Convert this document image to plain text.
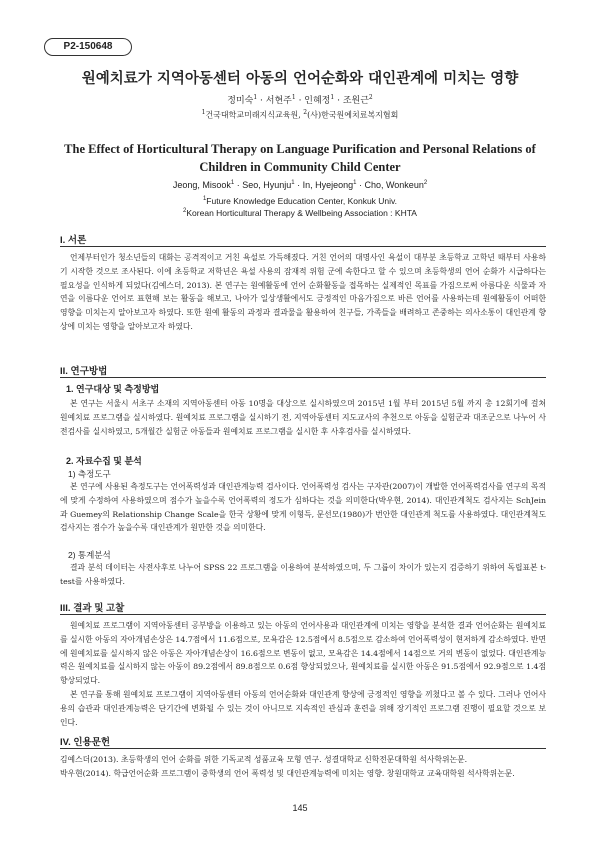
P2-150648
원예치료가 지역아동센터 아동의 언어순화와 대인관계에 미치는 영향
정미숙$^1$ · 서현주$^1$ · 인혜정$^1$ · 조원근$^2$
$^1$건국대학교미래지식교육원, $^2$(사)한국원예치료복지협회
The Effect of Horticultural Therapy on Language Purification and Personal Relations of Children in Community Child Center
Jeong, Misook$^1$ · Seo, Hyunju$^1$ · In, Hyejeong$^1$ · Cho, Wonkeun$^2$
$^1$Future Knowledge Education Center, Konkuk Univ.
$^2$Korean Horticultural Therapy & Wellbeing Association : KHTA
I. 서론
언제부터인가 청소년들의 대화는 공격적이고 거친 욕설로 가득해졌다. 거친 언어의 대명사인 욕설이 대부분 초등학교 고학년 때부터 사용하기 시작한 것으로 조사된다. 이에 초등학교 저학년은 욕설 사용의 잠재적 위험 군에 속한다고 할 수 있으며 초등학생의 언어 순화가 시급하다는 필요성을 인식하게 되었다(김예스더, 2013). 본 연구는 원예활동에 언어 순화활동을 접목하는 실제적인 목표를 가짐으로써 아름다운 식물과 자연을 이름다운 언어로 표현해 보는 활동을 해보고, 나아가 일상생활에서도 긍정적인 마음가짐으로 바른 언어를 사용하는데 원예활동이 어떠한 영향을 미치는지 알아보고자 하였다. 또한 원예 활동의 과정과 결과물을 활용하여 친구들, 가족들을 배려하고 존중하는 의사소통이 대인관계 향상에 미치는 영향을 알아보고자 하였다.
II. 연구방법
1. 연구대상 및 측정방법
본 연구는 서울시 서초구 소재의 지역아동센터 아동 10명을 대상으로 실시하였으며 2015년 1월 부터 2015년 5월 까지 총 12회기에 걸쳐 원예치료 프로그램을 실시하였다. 원예치료 프로그램을 실시하기 전, 지역아동센터 지도교사의 추천으로 아동을 실험군과 대조군으로 나누어 사전검사를 실시하였고, 5개월간 실험군 아동들과 원예치료 프로그램을 실시한 후 사후검사를 실시하였다.
2. 자료수집 및 분석
1) 측정도구
본 연구에 사용된 측정도구는 언어폭력성과 대인관계능력 검사이다. 언어폭력성 검사는 구자관(2007)이 개발한 언어폭력검사를 연구의 목적에 맞게 수정하여 사용하였으며 점수가 높을수록 언어폭력의 정도가 심하다는 것을 의미한다(박우현, 2014). 대인관계척도 검사지는 SchJein과 Guemey의 Relationship Change Scale을 한국 상황에 맞게 이형득, 문선모(1980)가 번안한 대인관계 척도를 사용하였다. 대인관계척도 검사지는 점수가 높을수록 대인관계가 원만한 것을 의미한다.
2) 통계분석
결과 분석 데이터는 사전사후로 나누어 SPSS 22 프로그램을 이용하여 분석하였으며, 두 그룹이 차이가 있는지 검증하기 위하여 독립표본 t-test를 사용하였다.
III. 결과 및 고찰
원예치료 프로그램이 지역아동센터 공부방을 이용하고 있는 아동의 언어사용과 대인관계에 미치는 영향을 분석한 결과 언어순화는 원예치료를 실시한 아동의 자아개념손상은 14.7점에서 11.6점으로, 모욕감은 12.5점에서 8.5점으로 감소하여 언어폭력성이 현저하게 감소하였다. 반면에 원예치료를 실시하지 않은 아동은 자아개념손상이 16.6점으로 변동이 없고, 모욕감은 14.4점에서 14점으로 거의 변동이 없었다. 대인관계능력은 원예치료를 실시하지 않는 아동이 89.2점에서 89.8점으로 0.6점 향상되었으나, 원예치료를 실시한 아동은 91.5점에서 92.9점으로 1.4점 향상되었다.
본 연구를 통해 원예치료 프로그램이 지역아동센터 아동의 언어순화와 대인관계 향상에 긍정적인 영향을 끼쳤다고 볼 수 있다. 그러나 언어사용의 습관과 대인관계능력은 단기간에 변화될 수 있는 것이 아니므로 지속적인 관심과 훈련을 위해 장기적인 프로그램 진행이 필요할 것으로 보인다.
IV. 인용문헌
김예스더(2013). 초등학생의 언어 순화를 위한 기독교적 성품교육 모형 연구. 성결대학교 신학전문대학원 석사학위논문.
박우현(2014). 학급언어순화 프로그램이 중학생의 언어 폭력성 및 대인관계능력에 미치는 영향. 창원대학교 교육대학원 석사학위논문.
145
